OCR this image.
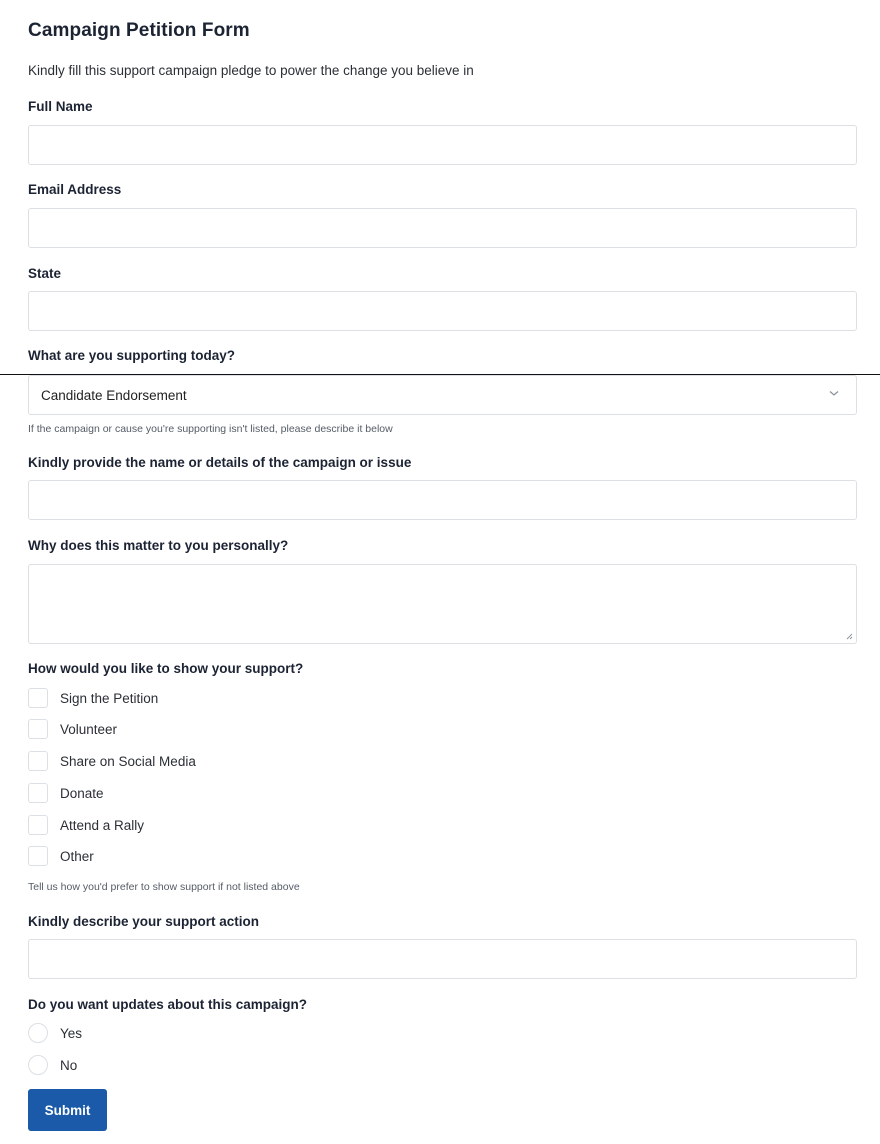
Campaign Petition Form
Kindly fill this support campaign pledge to power the change you believe in
Full Name
Email Address
State
What are you supporting today?
Candidate Endorsement
If the campaign or cause you're supporting isn't listed, please describe it below
Kindly provide the name or details of the campaign or issue
Why does this matter to you personally?
How would you like to show your support?
Sign the Petition
Volunteer
Share on Social Media
Donate
Attend a Rally
Other
Tell us how you'd prefer to show support if not listed above
Kindly describe your support action
Do you want updates about this campaign?
Yes
No
Submit
